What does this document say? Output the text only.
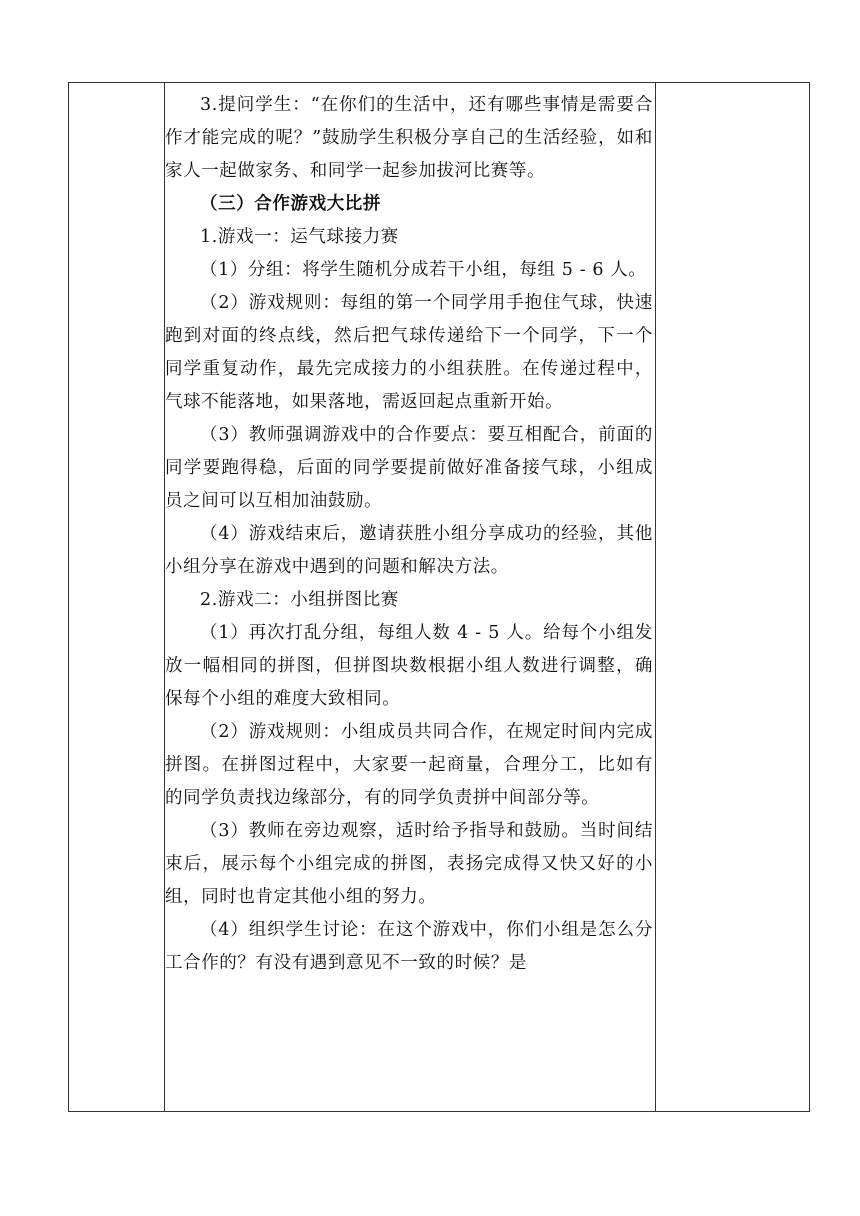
3.提问学生：“在你们的生活中，还有哪些事情是需要合作才能完成的呢？”鼓励学生积极分享自己的生活经验，如和家人一起做家务、和同学一起参加拔河比赛等。

（三）合作游戏大比拼

1.游戏一：运气球接力赛

（1）分组：将学生随机分成若干小组，每组 5 - 6 人。

（2）游戏规则：每组的第一个同学用手抱住气球，快速跑到对面的终点线，然后把气球传递给下一个同学，下一个同学重复动作，最先完成接力的小组获胜。在传递过程中，气球不能落地，如果落地，需返回起点重新开始。

（3）教师强调游戏中的合作要点：要互相配合，前面的同学要跑得稳，后面的同学要提前做好准备接气球，小组成员之间可以互相加油鼓励。

（4）游戏结束后，邀请获胜小组分享成功的经验，其他小组分享在游戏中遇到的问题和解决方法。

2.游戏二：小组拼图比赛

（1）再次打乱分组，每组人数 4 - 5 人。给每个小组发放一幅相同的拼图，但拼图块数根据小组人数进行调整，确保每个小组的难度大致相同。

（2）游戏规则：小组成员共同合作，在规定时间内完成拼图。在拼图过程中，大家要一起商量，合理分工，比如有的同学负责找边缘部分，有的同学负责拼中间部分等。

（3）教师在旁边观察，适时给予指导和鼓励。当时间结束后，展示每个小组完成的拼图，表扬完成得又快又好的小组，同时也肯定其他小组的努力。

（4）组织学生讨论：在这个游戏中，你们小组是怎么分工合作的？有没有遇到意见不一致的时候？是
